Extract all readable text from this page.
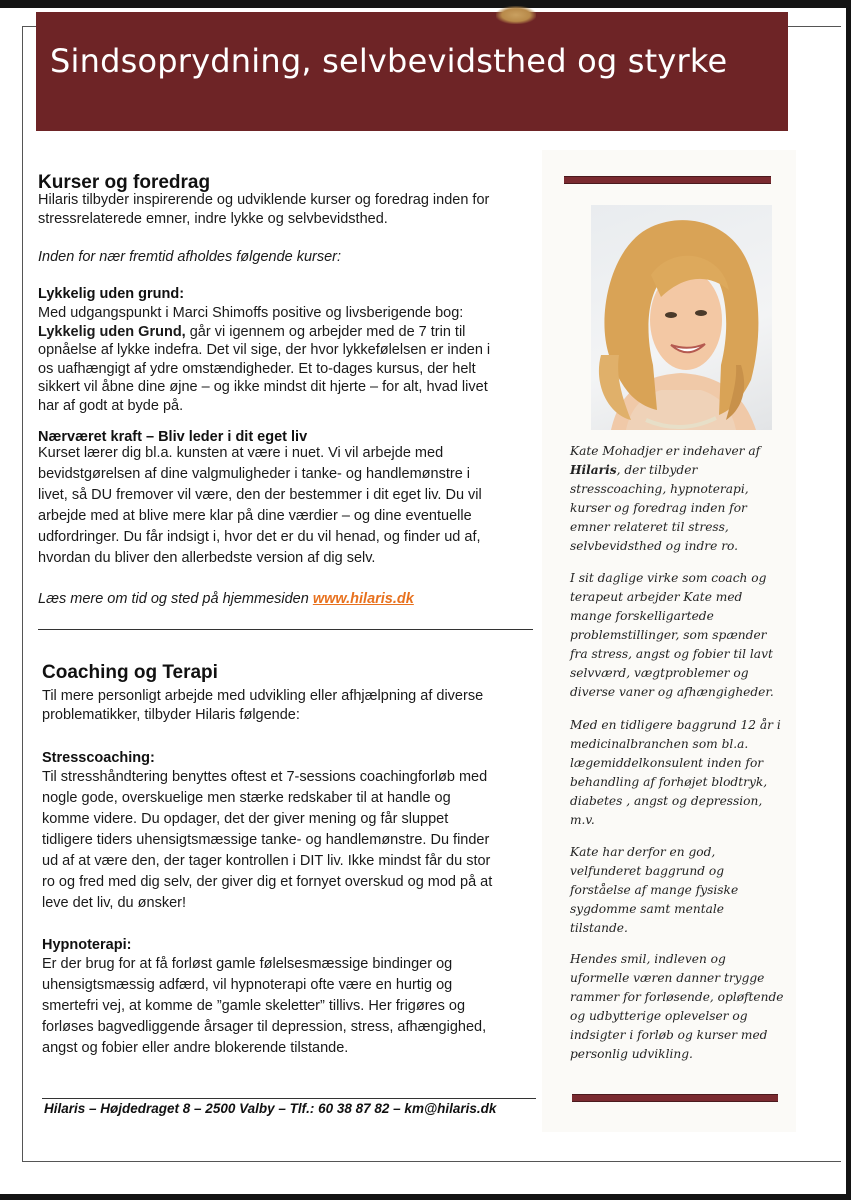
Sindsoprydning, selvbevidsthed og styrke

Kate Mohadjer er indehaver af
Hilaris, der tilbyder
stresscoaching, hypnoterapi,
kurser og foredrag inden for
emner relateret til stress,
selvbevidsthed og indre ro.

I sit daglige virke som coach og
terapeut arbejder Kate med
mange forskelligartede
problemstillinger, som spænder
fra stress, angst og fobier til lavt
selvværd, vægtproblemer og
diverse vaner og afhængigheder.

Med en tidligere baggrund 12 år i
medicinalbranchen som bl.a.
lægemiddelkonsulent inden for
behandling af forhøjet blodtryk,
diabetes , angst og depression,
m.v.

Kate har derfor en god,
velfunderet baggrund og
forståelse af mange fysiske
sygdomme samt mentale
tilstande.

Hendes smil, indleven og
uformelle væren danner trygge
rammer for forløsende, opløftende
og udbytterige oplevelser og
indsigter i forløb og kurser med
personlig udvikling.

Kurser og foredrag

Hilaris tilbyder inspirerende og udviklende kurser og foredrag inden for
stressrelaterede emner, indre lykke og selvbevidsthed.

Inden for nær fremtid afholdes følgende kurser:

Lykkelig uden grund:

Med udgangspunkt i Marci Shimoffs positive og livsberigende bog:
Lykkelig uden Grund, går vi igennem og arbejder med de 7 trin til
opnåelse af lykke indefra. Det vil sige, der hvor lykkefølelsen er inden i
os uafhængigt af ydre omstændigheder. Et to-dages kursus, der helt
sikkert vil åbne dine øjne – og ikke mindst dit hjerte – for alt, hvad livet
har af godt at byde på.

Nærværet kraft – Bliv leder i dit eget liv

Kurset lærer dig bl.a. kunsten at være i nuet. Vi vil arbejde med
bevidstgørelsen af dine valgmuligheder i tanke- og handlemønstre i
livet, så DU fremover vil være, den der bestemmer i dit eget liv. Du vil
arbejde med at blive mere klar på dine værdier – og dine eventuelle
udfordringer. Du får indsigt i, hvor det er du vil henad, og finder ud af,
hvordan du bliver den allerbedste version af dig selv.

Læs mere om tid og sted på hjemmesiden www.hilaris.dk

Coaching og Terapi

Til mere personligt arbejde med udvikling eller afhjælpning af diverse
problematikker, tilbyder Hilaris følgende:

Stresscoaching:

Til stresshåndtering benyttes oftest et 7-sessions coachingforløb med
nogle gode, overskuelige men stærke redskaber til at handle og
komme videre. Du opdager, det der giver mening og får sluppet
tidligere tiders uhensigtsmæssige tanke- og handlemønstre. Du finder
ud af at være den, der tager kontrollen i DIT liv. Ikke mindst får du stor
ro og fred med dig selv, der giver dig et fornyet overskud og mod på at
leve det liv, du ønsker!

Hypnoterapi:

Er der brug for at få forløst gamle følelsesmæssige bindinger og
uhensigtsmæssig adfærd, vil hypnoterapi ofte være en hurtig og
smertefri vej, at komme de ”gamle skeletter” tillivs. Her frigøres og
forløses bagvedliggende årsager til depression, stress, afhængighed,
angst og fobier eller andre blokerende tilstande.

Hilaris – Højdedraget 8 – 2500 Valby – Tlf.: 60 38 87 82 – km@hilaris.dk
